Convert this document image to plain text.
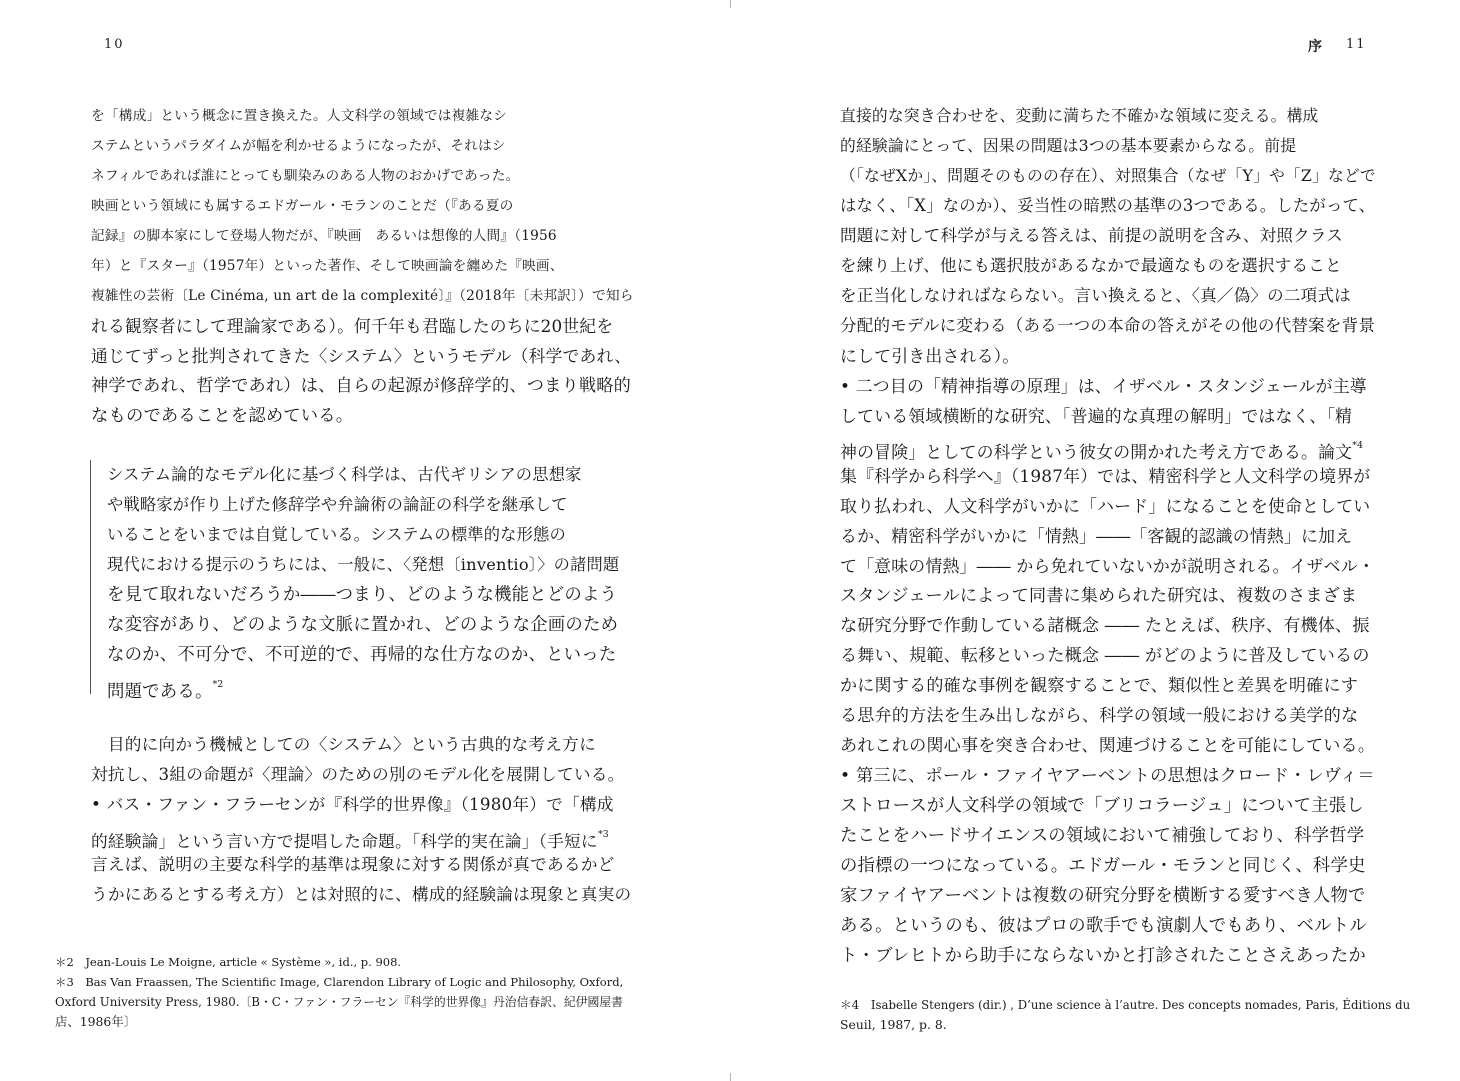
10
を「構成」という概念に置き換えた。人文科学の領域では複雑なシ
ステムというパラダイムが幅を利かせるようになったが、それはシ
ネフィルであれば誰にとっても馴染みのある人物のおかげであった。
映画という領域にも属するエドガール・モランのことだ（『ある夏の
記録』の脚本家にして登場人物だが、『映画　あるいは想像的人間』（1956
年）と『スター』（1957年）といった著作、そして映画論を纏めた『映画、
複雑性の芸術〔Le Cinéma, un art de la complexité〕』（2018年〔未邦訳〕）で知ら
れる観察者にして理論家である）。何千年も君臨したのちに20世紀を
通じてずっと批判されてきた〈システム〉というモデル（科学であれ、
神学であれ、哲学であれ）は、自らの起源が修辞学的、つまり戦略的
なものであることを認めている。
システム論的なモデル化に基づく科学は、古代ギリシアの思想家
や戦略家が作り上げた修辞学や弁論術の論証の科学を継承して
いることをいまでは自覚している。システムの標準的な形態の
現代における提示のうちには、一般に、〈発想〔inventio〕〉の諸問題
を見て取れないだろうか――つまり、どのような機能とどのよう
な変容があり、どのような文脈に置かれ、どのような企画のため
なのか、不可分で、不可逆的で、再帰的な仕方なのか、といった
問題である。$^{*2}$
　目的に向かう機械としての〈システム〉という古典的な考え方に
対抗し、3組の命題が〈理論〉のための別のモデル化を展開している。
• バス・ファン・フラーセンが『科学的世界像』（1980年）で「構成
的経験論」という言い方で提唱した命題。「科学的実在論」（手短に$^{*3}$
言えば、説明の主要な科学的基準は現象に対する関係が真であるかど
うかにあるとする考え方）とは対照的に、構成的経験論は現象と真実の
＊2　Jean-Louis Le Moigne, article « Système », id., p. 908.
＊3　Bas Van Fraassen, The Scientific Image, Clarendon Library of Logic and Philosophy, Oxford,
Oxford University Press, 1980.〔B・C・ファン・フラーセン『科学的世界像』丹治信春訳、紀伊國屋書
店、1986年〕
序 11
直接的な突き合わせを、変動に満ちた不確かな領域に変える。構成
的経験論にとって、因果の問題は3つの基本要素からなる。前提
（「なぜXか」、問題そのものの存在）、対照集合（なぜ「Y」や「Z」などで
はなく、「X」なのか）、妥当性の暗黙の基準の3つである。したがって、
問題に対して科学が与える答えは、前提の説明を含み、対照クラス
を練り上げ、他にも選択肢があるなかで最適なものを選択すること
を正当化しなければならない。言い換えると、〈真／偽〉の二項式は
分配的モデルに変わる（ある一つの本命の答えがその他の代替案を背景
にして引き出される）。
• 二つ目の「精神指導の原理」は、イザベル・スタンジェールが主導
している領域横断的な研究、「普遍的な真理の解明」ではなく、「精
神の冒険」としての科学という彼女の開かれた考え方である。論文$^{*4}$
集『科学から科学へ』（1987年）では、精密科学と人文科学の境界が
取り払われ、人文科学がいかに「ハード」になることを使命としてい
るか、精密科学がいかに「情熱」――「客観的認識の情熱」に加え
て「意味の情熱」―― から免れていないかが説明される。イザベル・
スタンジェールによって同書に集められた研究は、複数のさまざま
な研究分野で作動している諸概念 ―― たとえば、秩序、有機体、振
る舞い、規範、転移といった概念 ―― がどのように普及しているの
かに関する的確な事例を観察することで、類似性と差異を明確にす
る思弁的方法を生み出しながら、科学の領域一般における美学的な
あれこれの関心事を突き合わせ、関連づけることを可能にしている。
• 第三に、ポール・ファイヤアーベントの思想はクロード・レヴィ＝
ストロースが人文科学の領域で「ブリコラージュ」について主張し
たことをハードサイエンスの領域において補強しており、科学哲学
の指標の一つになっている。エドガール・モランと同じく、科学史
家ファイヤアーベントは複数の研究分野を横断する愛すべき人物で
ある。というのも、彼はプロの歌手でも演劇人でもあり、ベルトル
ト・ブレヒトから助手にならないかと打診されたことさえあったか
＊4　Isabelle Stengers (dir.) , D’une science à l’autre. Des concepts nomades, Paris, Éditions du
Seuil, 1987, p. 8.
